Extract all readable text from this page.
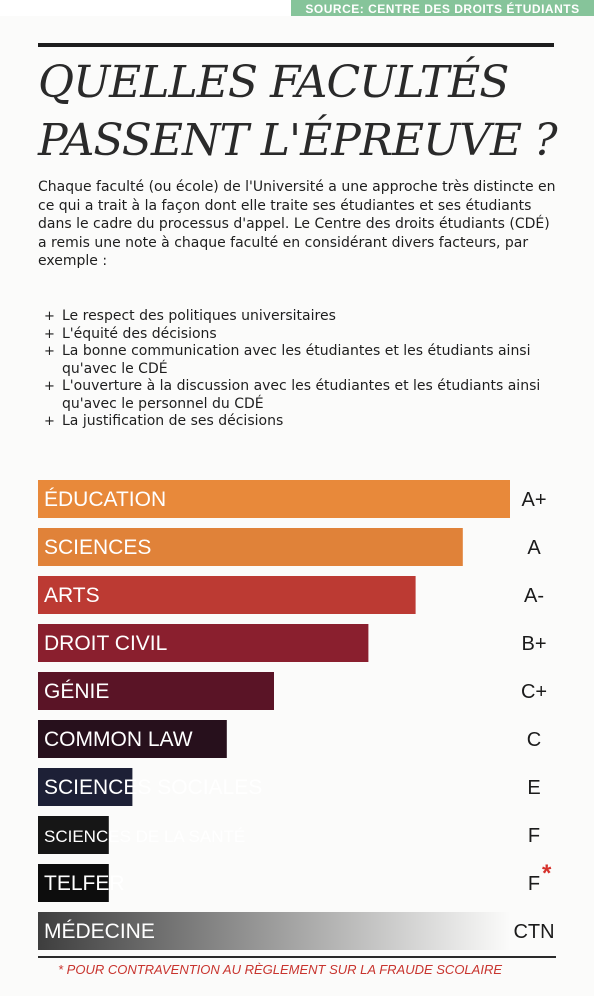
SOURCE: CENTRE DES DROITS ÉTUDIANTS
QUELLES FACULTÉS
PASSENT L'ÉPREUVE ?

Chaque faculté (ou école) de l'Université a une approche très distincte en ce qui a trait à la façon dont elle traite ses étudiantes et ses étudiants dans le cadre du processus d'appel. Le Centre des droits étudiants (CDÉ) a remis une note à chaque faculté en considérant divers facteurs, par exemple :

+ Le respect des politiques universitaires
+ L'équité des décisions
+ La bonne communication avec les étudiantes et les étudiants ainsi qu'avec le CDÉ
+ L'ouverture à la discussion avec les étudiantes et les étudiants ainsi qu'avec le personnel du CDÉ
+ La justification de ses décisions
ÉDUCATION	A+
SCIENCES	A
ARTS	A-
DROIT CIVIL	B+
GÉNIE	C+
COMMON LAW	C
SCIENCES SOCIALES	E
SCIENCES DE LA SANTÉ	F
TELFER	F *
MÉDECINE	CTN

* POUR CONTRAVENTION AU RÈGLEMENT SUR LA FRAUDE SCOLAIRE
